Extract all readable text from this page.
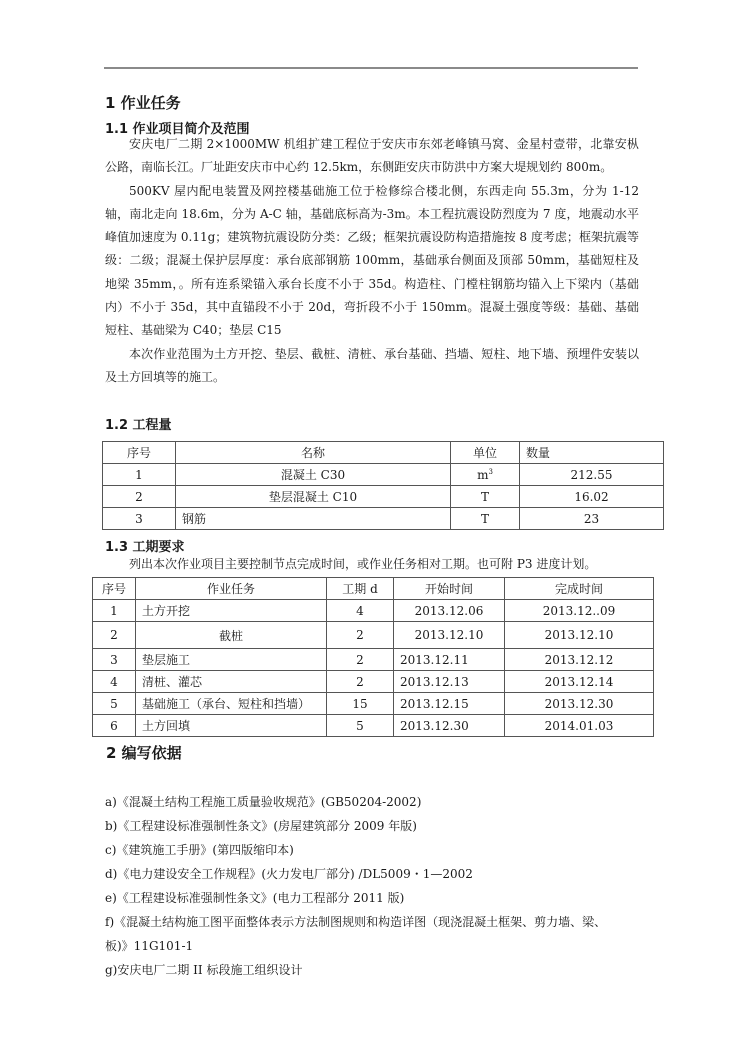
1 作业任务
1.1 作业项目简介及范围

安庆电厂二期 2×1000MW 机组扩建工程位于安庆市东郊老峰镇马窝、金星村壹带，北靠安枞公路，南临长江。厂址距安庆市中心约 12.5km，东侧距安庆市防洪中方案大堤规划约 800m。

500KV 屋内配电装置及网控楼基础施工位于检修综合楼北侧，东西走向 55.3m，分为 1-12 轴，南北走向 18.6m，分为 A-C 轴，基础底标高为-3m。本工程抗震设防烈度为 7 度，地震动水平峰值加速度为 0.11g；建筑物抗震设防分类：乙级；框架抗震设防构造措施按 8 度考虑；框架抗震等级：二级；混凝土保护层厚度：承台底部钢筋 100mm，基础承台侧面及顶部 50mm，基础短柱及地梁 35mm，。所有连系梁锚入承台长度不小于 35d。构造柱、门樘柱钢筋均锚入上下梁内（基础内）不小于 35d，其中直锚段不小于 20d，弯折段不小于 150mm。混凝土强度等级：基础、基础短柱、基础梁为 C40；垫层 C15

本次作业范围为土方开挖、垫层、截桩、清桩、承台基础、挡墙、短柱、地下墙、预埋件安装以及土方回填等的施工。

1.2 工程量
序号	名称	单位	数量
1	混凝土 C30	$m^3$	212.55
2	垫层混凝土 C10	T	16.02
3	钢筋	T	23
1.3 工期要求

列出本次作业项目主要控制节点完成时间，或作业任务相对工期。也可附 P3 进度计划。

序号	作业任务	工期 d	开始时间	完成时间
1	土方开挖	4	2013.12.06	2013.12..09
2	截桩	2	2013.12.10	2013.12.10
3	垫层施工	2	2013.12.11	2013.12.12
4	清桩、灌芯	2	2013.12.13	2013.12.14
5	基础施工（承台、短柱和挡墙）	15	2013.12.15	2013.12.30
6	土方回填	5	2013.12.30	2014.01.03
2 编写依据
a)《混凝土结构工程施工质量验收规范》(GB50204-2002)
b)《工程建设标准强制性条文》(房屋建筑部分 2009 年版)
c)《建筑施工手册》(第四版缩印本)
d)《电力建设安全工作规程》(火力发电厂部分) /DL5009・1—2002
e)《工程建设标准强制性条文》(电力工程部分 2011 版)
f)《混凝土结构施工图平面整体表示方法制图规则和构造详图（现浇混凝土框架、剪力墙、梁、
板)》11G101-1
g)安庆电厂二期 II 标段施工组织设计
